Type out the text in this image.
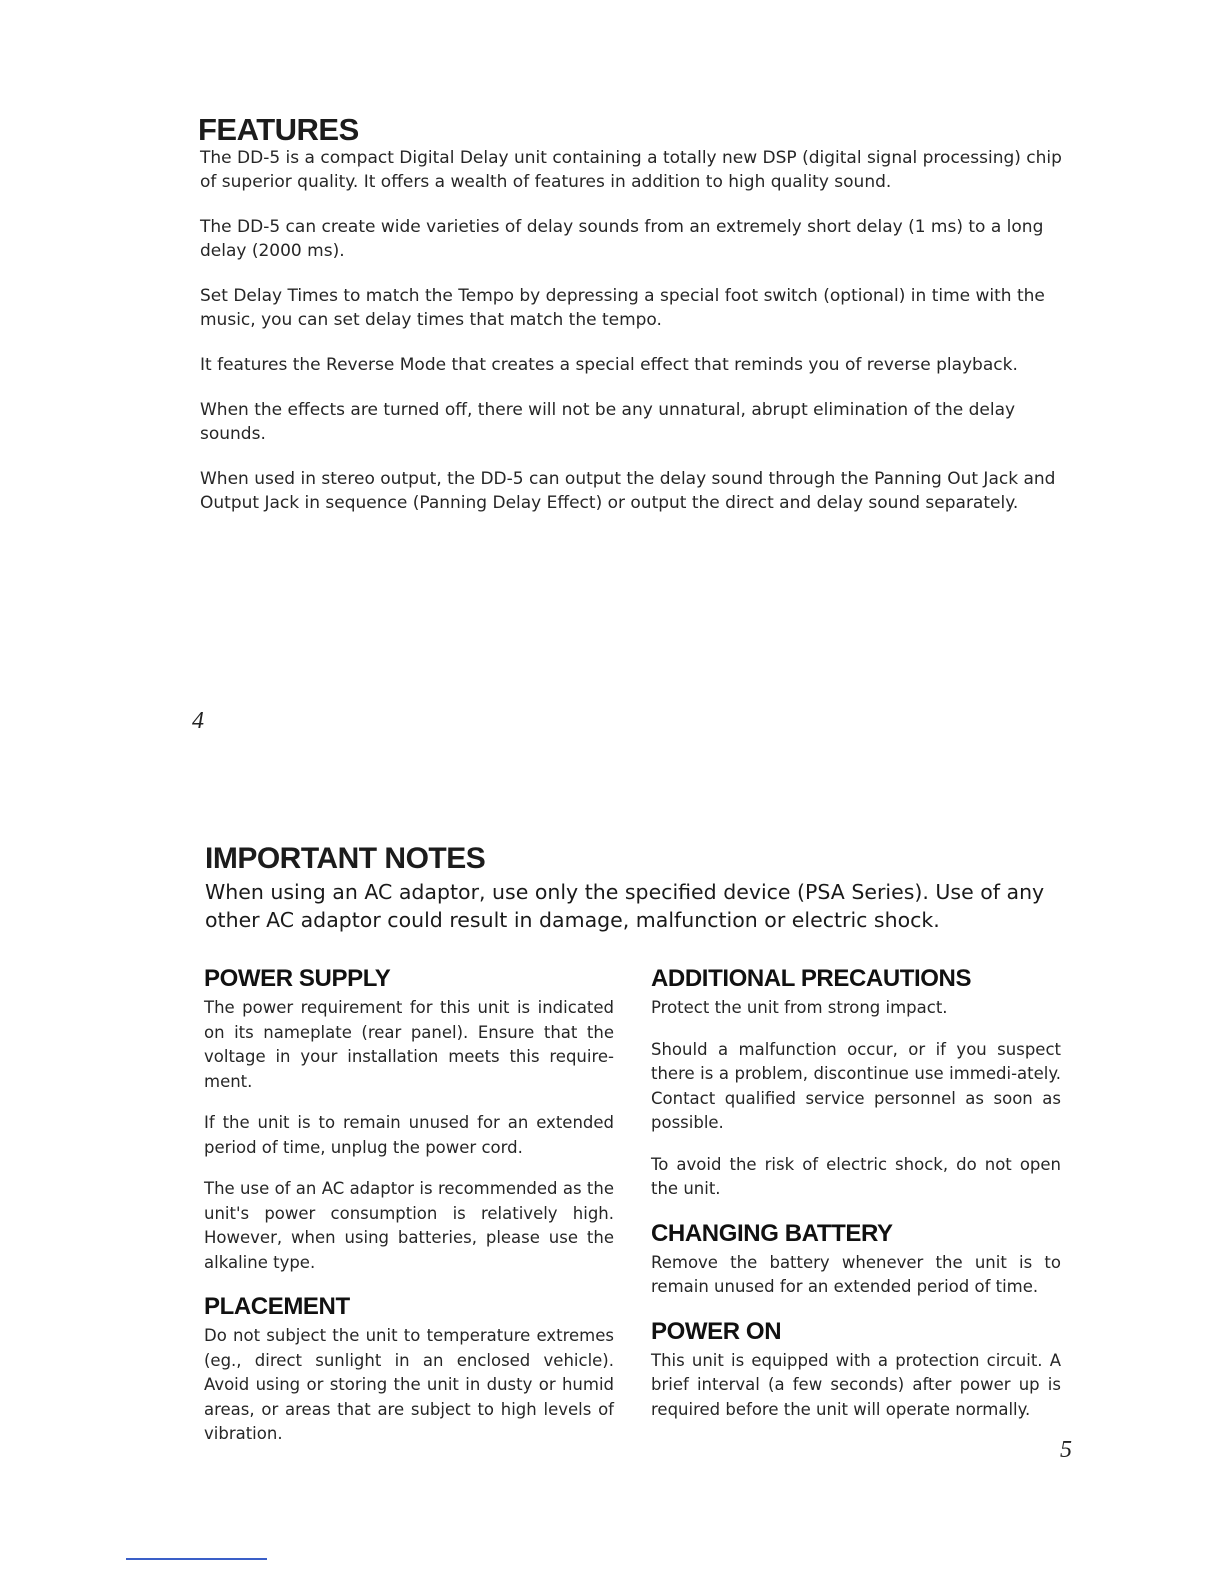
FEATURES

The DD-5 is a compact Digital Delay unit containing a totally new DSP (digital signal processing) chip of superior quality. It offers a wealth of features in addition to high quality sound.

The DD-5 can create wide varieties of delay sounds from an extremely short delay (1 ms) to a long delay (2000 ms).

Set Delay Times to match the Tempo by depressing a special foot switch (optional) in time with the music, you can set delay times that match the tempo.

It features the Reverse Mode that creates a special effect that reminds you of reverse playback.

When the effects are turned off, there will not be any unnatural, abrupt elimination of the delay sounds.

When used in stereo output, the DD-5 can output the delay sound through the Panning Out Jack and Output Jack in sequence (Panning Delay Effect) or output the direct and delay sound separately.

4
IMPORTANT NOTES

When using an AC adaptor, use only the specified device (PSA Series). Use of any other AC adaptor could result in damage, malfunction or electric shock.

POWER SUPPLY

The power requirement for this unit is indicated on its nameplate (rear panel). Ensure that the voltage in your installation meets this require-ment.

If the unit is to remain unused for an extended period of time, unplug the power cord.

The use of an AC adaptor is recommended as the unit's power consumption is relatively high. However, when using batteries, please use the alkaline type.

PLACEMENT

Do not subject the unit to temperature extremes (eg., direct sunlight in an enclosed vehicle). Avoid using or storing the unit in dusty or humid areas, or areas that are subject to high levels of vibration.

ADDITIONAL PRECAUTIONS

Protect the unit from strong impact.

Should a malfunction occur, or if you suspect there is a problem, discontinue use immedi-ately. Contact qualified service personnel as soon as possible.

To avoid the risk of electric shock, do not open the unit.

CHANGING BATTERY

Remove the battery whenever the unit is to remain unused for an extended period of time.

POWER ON

This unit is equipped with a protection circuit. A brief interval (a few seconds) after power up is required before the unit will operate normally.

5
